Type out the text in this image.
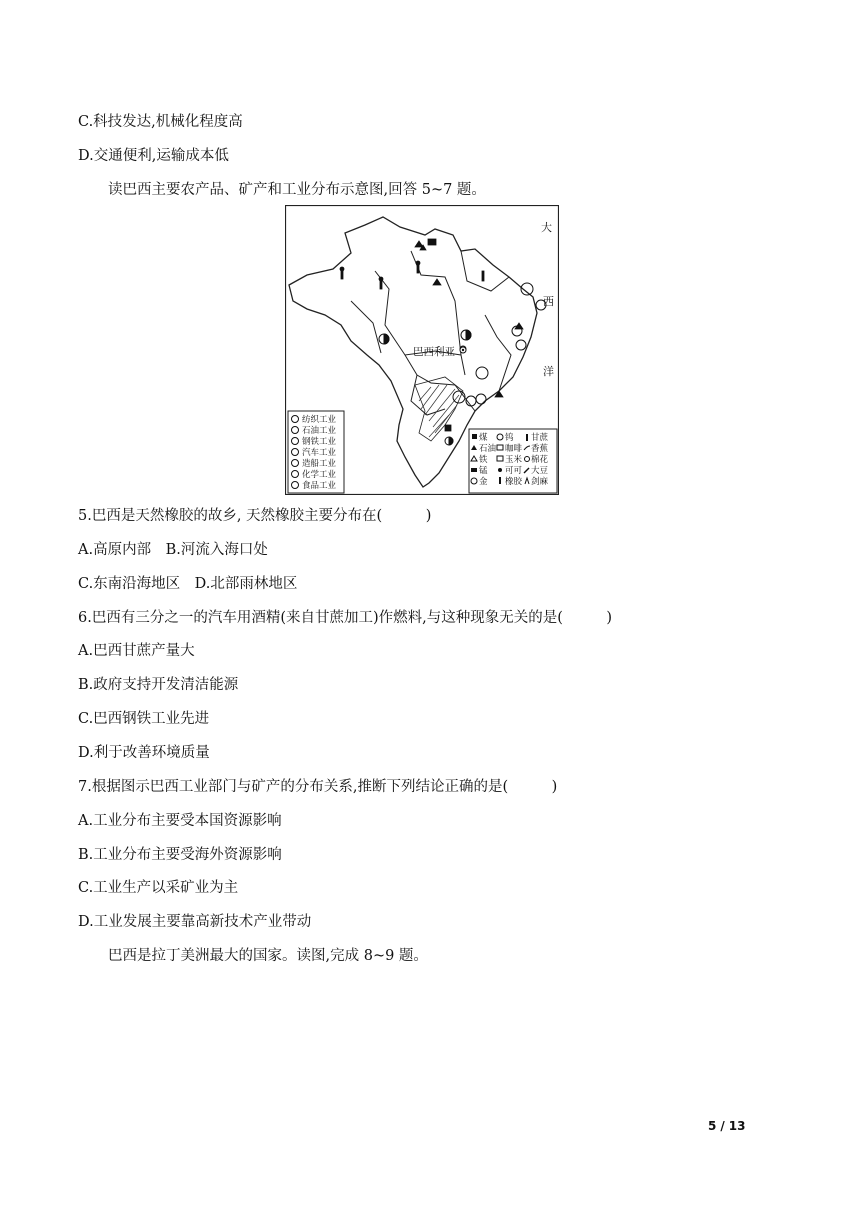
C.科技发达,机械化程度高
D.交通便利,运输成本低
读巴西主要农产品、矿产和工业分布示意图,回答 5~7 题。
巴西利亚
大
西
洋
纺织工业
石油工业
钢铁工业
汽车工业
造船工业
化学工业
食品工业
煤
石油
铁
锰
金
钨
咖啡
玉米
可可
橡胶
甘蔗
香蕉
棉花
大豆
剑麻
5.巴西是天然橡胶的故乡, 天然橡胶主要分布在(　　　)
A.高原内部　B.河流入海口处
C.东南沿海地区　D.北部雨林地区
6.巴西有三分之一的汽车用酒精(来自甘蔗加工)作燃料,与这种现象无关的是(　　　)
A.巴西甘蔗产量大
B.政府支持开发清洁能源
C.巴西钢铁工业先进
D.利于改善环境质量
7.根据图示巴西工业部门与矿产的分布关系,推断下列结论正确的是(　　　)
A.工业分布主要受本国资源影响
B.工业分布主要受海外资源影响
C.工业生产以采矿业为主
D.工业发展主要靠高新技术产业带动
巴西是拉丁美洲最大的国家。读图,完成 8~9 题。
5 / 13
